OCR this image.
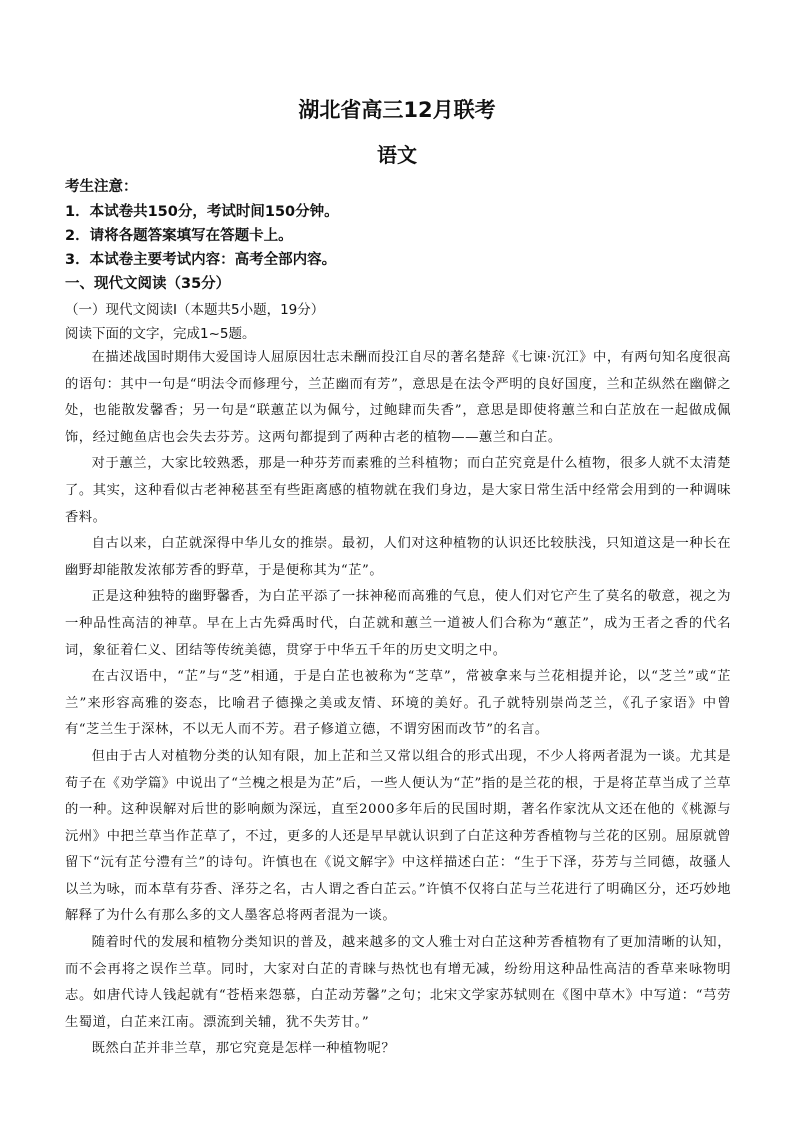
湖北省高三12月联考
语文
考生注意：
1．本试卷共150分，考试时间150分钟。
2．请将各题答案填写在答题卡上。
3．本试卷主要考试内容：高考全部内容。
一、现代文阅读（35分）
（一）现代文阅读Ⅰ（本题共5小题，19分）
阅读下面的文字，完成1~5题。

在描述战国时期伟大爱国诗人屈原因壮志未酬而投江自尽的著名楚辞《七谏·沉江》中，有两句知名度很高的语句：其中一句是“明法令而修理兮，兰芷幽而有芳”，意思是在法令严明的良好国度，兰和芷纵然在幽僻之处，也能散发馨香；另一句是“联蕙芷以为佩兮，过鲍肆而失香”，意思是即使将蕙兰和白芷放在一起做成佩饰，经过鲍鱼店也会失去芬芳。这两句都提到了两种古老的植物——蕙兰和白芷。

对于蕙兰，大家比较熟悉，那是一种芬芳而素雅的兰科植物；而白芷究竟是什么植物，很多人就不太清楚了。其实，这种看似古老神秘甚至有些距离感的植物就在我们身边，是大家日常生活中经常会用到的一种调味香料。

自古以来，白芷就深得中华儿女的推崇。最初，人们对这种植物的认识还比较肤浅，只知道这是一种长在幽野却能散发浓郁芳香的野草，于是便称其为“芷”。

正是这种独特的幽野馨香，为白芷平添了一抹神秘而高雅的气息，使人们对它产生了莫名的敬意，视之为一种品性高洁的神草。早在上古先舜禹时代，白芷就和蕙兰一道被人们合称为“蕙芷”，成为王者之香的代名词，象征着仁义、团结等传统美德，贯穿于中华五千年的历史文明之中。

在古汉语中，“芷”与“芝”相通，于是白芷也被称为“芝草”，常被拿来与兰花相提并论，以“芝兰”或“芷兰”来形容高雅的姿态，比喻君子德操之美或友情、环境的美好。孔子就特别崇尚芝兰，《孔子家语》中曾有“芝兰生于深林，不以无人而不芳。君子修道立德，不谓穷困而改节”的名言。

但由于古人对植物分类的认知有限，加上芷和兰又常以组合的形式出现，不少人将两者混为一谈。尤其是荀子在《劝学篇》中说出了“兰槐之根是为芷”后，一些人便认为“芷”指的是兰花的根，于是将芷草当成了兰草的一种。这种误解对后世的影响颇为深远，直至2000多年后的民国时期，著名作家沈从文还在他的《桃源与沅州》中把兰草当作芷草了，不过，更多的人还是早早就认识到了白芷这种芳香植物与兰花的区别。屈原就曾留下“沅有芷兮澧有兰”的诗句。许慎也在《说文解字》中这样描述白芷：“生于下泽，芬芳与兰同德，故骚人以兰为咏，而本草有芬香、泽芬之名，古人谓之香白芷云。”许慎不仅将白芷与兰花进行了明确区分，还巧妙地解释了为什么有那么多的文人墨客总将两者混为一谈。

随着时代的发展和植物分类知识的普及，越来越多的文人雅士对白芷这种芳香植物有了更加清晰的认知，而不会再将之误作兰草。同时，大家对白芷的青睐与热忱也有增无减，纷纷用这种品性高洁的香草来咏物明志。如唐代诗人钱起就有“苍梧来怨慕，白芷动芳馨”之句；北宋文学家苏轼则在《图中草木》中写道：“芎劳生蜀道，白芷来江南。漂流到关辅，犹不失芳甘。”

既然白芷并非兰草，那它究竟是怎样一种植物呢？
